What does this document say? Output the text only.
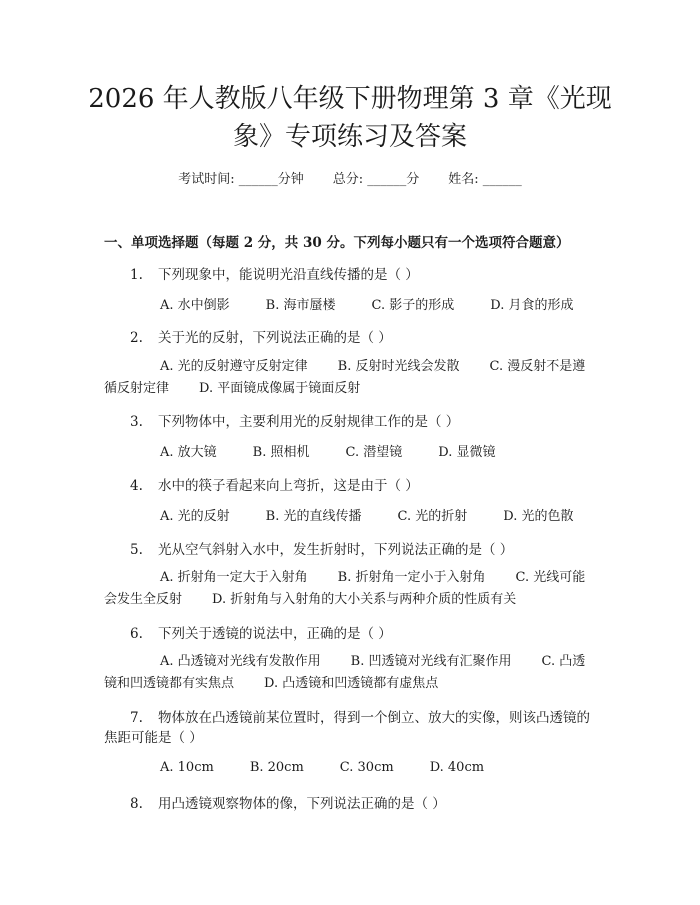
2026 年人教版八年级下册物理第 3 章《光现
象》专项练习及答案
考试时间: ______分钟 总分: ______分 姓名: ______
一、单项选择题（每题 2 分，共 30 分。下列每小题只有一个选项符合题意）
1. 下列现象中，能说明光沿直线传播的是（ ）
A. 水中倒影	B. 海市蜃楼	C. 影子的形成	D. 月食的形成
2. 关于光的反射，下列说法正确的是（ ）
A. 光的反射遵守反射定律 B. 反射时光线会发散 C. 漫反射不是遵循反射定律 D. 平面镜成像属于镜面反射
3. 下列物体中，主要利用光的反射规律工作的是（ ）
A. 放大镜	B. 照相机	C. 潜望镜	D. 显微镜
4. 水中的筷子看起来向上弯折，这是由于（ ）
A. 光的反射	B. 光的直线传播	C. 光的折射	D. 光的色散
5. 光从空气斜射入水中，发生折射时，下列说法正确的是（ ）
A. 折射角一定大于入射角 B. 折射角一定小于入射角 C. 光线可能会发生全反射 D. 折射角与入射角的大小关系与两种介质的性质有关
6. 下列关于透镜的说法中，正确的是（ ）
A. 凸透镜对光线有发散作用 B. 凹透镜对光线有汇聚作用 C. 凸透镜和凹透镜都有实焦点 D. 凸透镜和凹透镜都有虚焦点
7. 物体放在凸透镜前某位置时，得到一个倒立、放大的实像，则该凸透镜的
焦距可能是（ ）
A. 10cm	B. 20cm	C. 30cm	D. 40cm
8. 用凸透镜观察物体的像，下列说法正确的是（ ）
